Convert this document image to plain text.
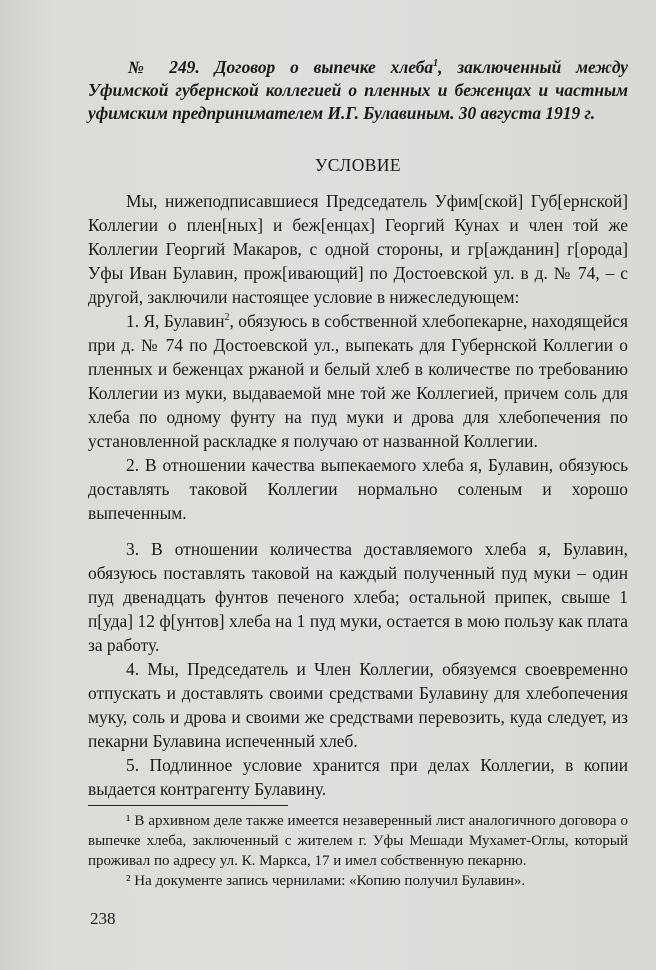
№ 249. Договор о выпечке хлеба$^1$, заключенный между Уфимской губернской коллегией о пленных и беженцах и частным уфимским предпринимателем И.Г. Булавиным. 30 августа 1919 г.

УСЛОВИЕ

Мы, нижеподписавшиеся Председатель Уфим[ской] Губ[ернской] Коллегии о плен[ных] и беж[енцах] Георгий Кунах и член той же Коллегии Георгий Макаров, с одной стороны, и гр[ажданин] г[орода] Уфы Иван Булавин, прож[ивающий] по Достоевской ул. в д. № 74, – с другой, заключили настоящее условие в нижеследующем:

1. Я, Булавин$^2$, обязуюсь в собственной хлебопекарне, находящейся при д. № 74 по Достоевской ул., выпекать для Губернской Коллегии о пленных и беженцах ржаной и белый хлеб в количестве по требованию Коллегии из муки, выдаваемой мне той же Коллегией, причем соль для хлеба по одному фунту на пуд муки и дрова для хлебопечения по установленной раскладке я получаю от названной Коллегии.

2. В отношении качества выпекаемого хлеба я, Булавин, обязуюсь доставлять таковой Коллегии нормально соленым и хорошо выпеченным.

3. В отношении количества доставляемого хлеба я, Булавин, обязуюсь поставлять таковой на каждый полученный пуд муки – один пуд двенадцать фунтов печеного хлеба; остальной припек, свыше 1 п[уда] 12 ф[унтов] хлеба на 1 пуд муки, остается в мою пользу как плата за работу.

4. Мы, Председатель и Член Коллегии, обязуемся своевременно отпускать и доставлять своими средствами Булавину для хлебопечения муку, соль и дрова и своими же средствами перевозить, куда следует, из пекарни Булавина испеченный хлеб.

5. Подлинное условие хранится при делах Коллегии, в копии выдается контрагенту Булавину.

¹ В архивном деле также имеется незаверенный лист аналогичного договора о выпечке хлеба, заключенный с жителем г. Уфы Мешади Мухамет-Оглы, который проживал по адресу ул. К. Маркса, 17 и имел собственную пекарню.

² На документе запись чернилами: «Копию получил Булавин».

238
